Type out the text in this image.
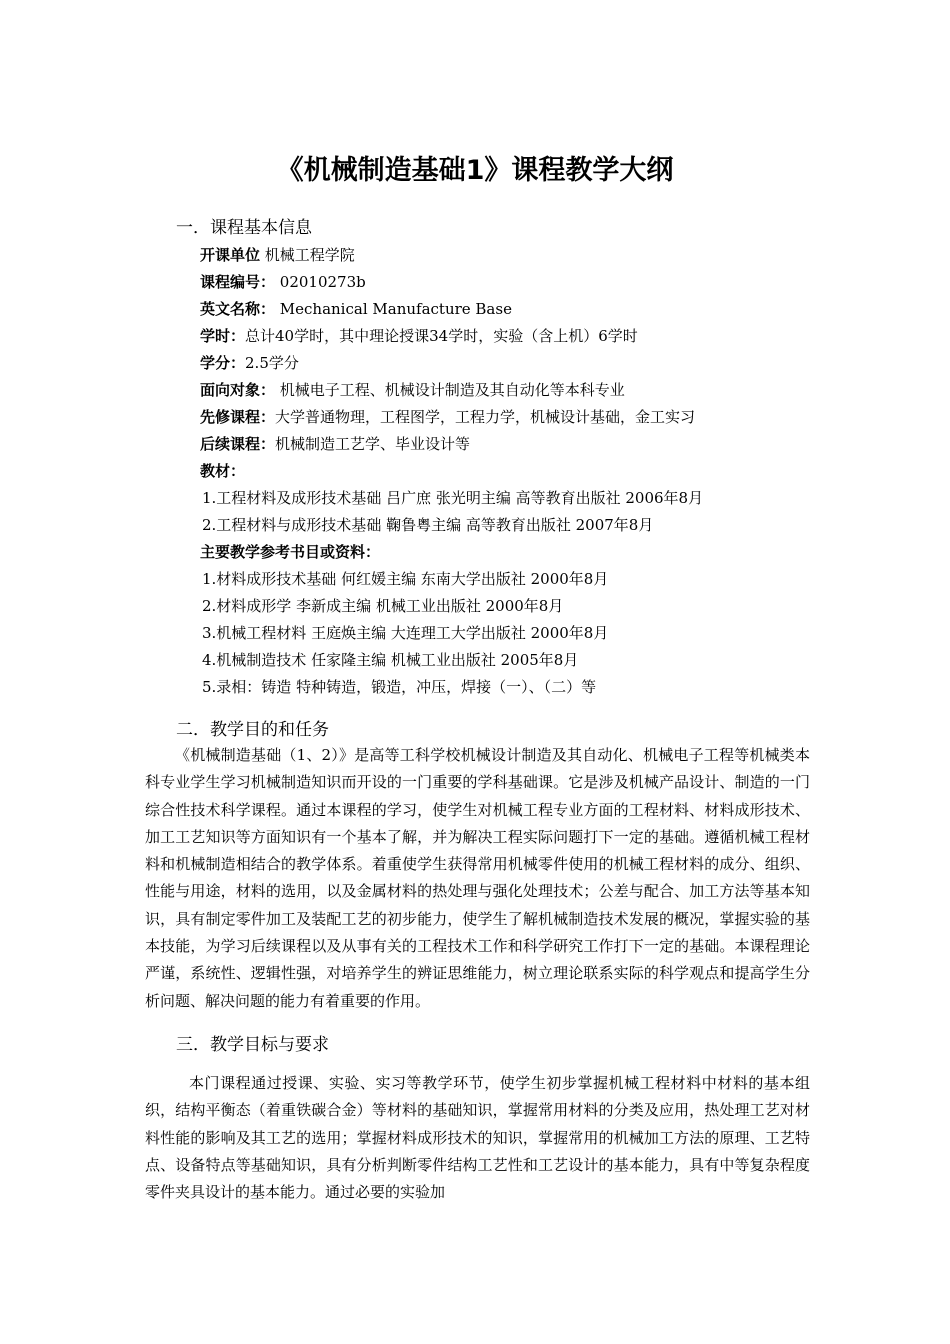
《机械制造基础1》课程教学大纲
一．课程基本信息
开课单位 机械工程学院
课程编号： 02010273b
英文名称： Mechanical Manufacture Base
学时：总计40学时，其中理论授课34学时，实验（含上机）6学时
学分：2.5学分
面向对象： 机械电子工程、机械设计制造及其自动化等本科专业
先修课程：大学普通物理，工程图学，工程力学，机械设计基础，金工实习
后续课程：机械制造工艺学、毕业设计等
教材：
1.工程材料及成形技术基础 吕广庶 张光明主编 高等教育出版社 2006年8月
2.工程材料与成形技术基础 鞠鲁粤主编 高等教育出版社 2007年8月
主要教学参考书目或资料：
1.材料成形技术基础 何红媛主编 东南大学出版社 2000年8月
2.材料成形学 李新成主编 机械工业出版社 2000年8月
3.机械工程材料 王庭焕主编 大连理工大学出版社 2000年8月
4.机械制造技术 任家隆主编 机械工业出版社 2005年8月
5.录相：铸造 特种铸造，锻造，冲压，焊接（一）、（二）等
二．教学目的和任务

《机械制造基础（1、2）》是高等工科学校机械设计制造及其自动化、机械电子工程等机械类本科专业学生学习机械制造知识而开设的一门重要的学科基础课。它是涉及机械产品设计、制造的一门综合性技术科学课程。通过本课程的学习，使学生对机械工程专业方面的工程材料、材料成形技术、加工工艺知识等方面知识有一个基本了解，并为解决工程实际问题打下一定的基础。遵循机械工程材料和机械制造相结合的教学体系。着重使学生获得常用机械零件使用的机械工程材料的成分、组织、性能与用途，材料的选用，以及金属材料的热处理与强化处理技术；公差与配合、加工方法等基本知识，具有制定零件加工及装配工艺的初步能力，使学生了解机械制造技术发展的概况，掌握实验的基本技能，为学习后续课程以及从事有关的工程技术工作和科学研究工作打下一定的基础。本课程理论严谨，系统性、逻辑性强，对培养学生的辨证思维能力，树立理论联系实际的科学观点和提高学生分析问题、解决问题的能力有着重要的作用。

三．教学目标与要求

本门课程通过授课、实验、实习等教学环节，使学生初步掌握机械工程材料中材料的基本组织，结构平衡态（着重铁碳合金）等材料的基础知识，掌握常用材料的分类及应用，热处理工艺对材料性能的影响及其工艺的选用；掌握材料成形技术的知识，掌握常用的机械加工方法的原理、工艺特点、设备特点等基础知识，具有分析判断零件结构工艺性和工艺设计的基本能力，具有中等复杂程度零件夹具设计的基本能力。通过必要的实验加
